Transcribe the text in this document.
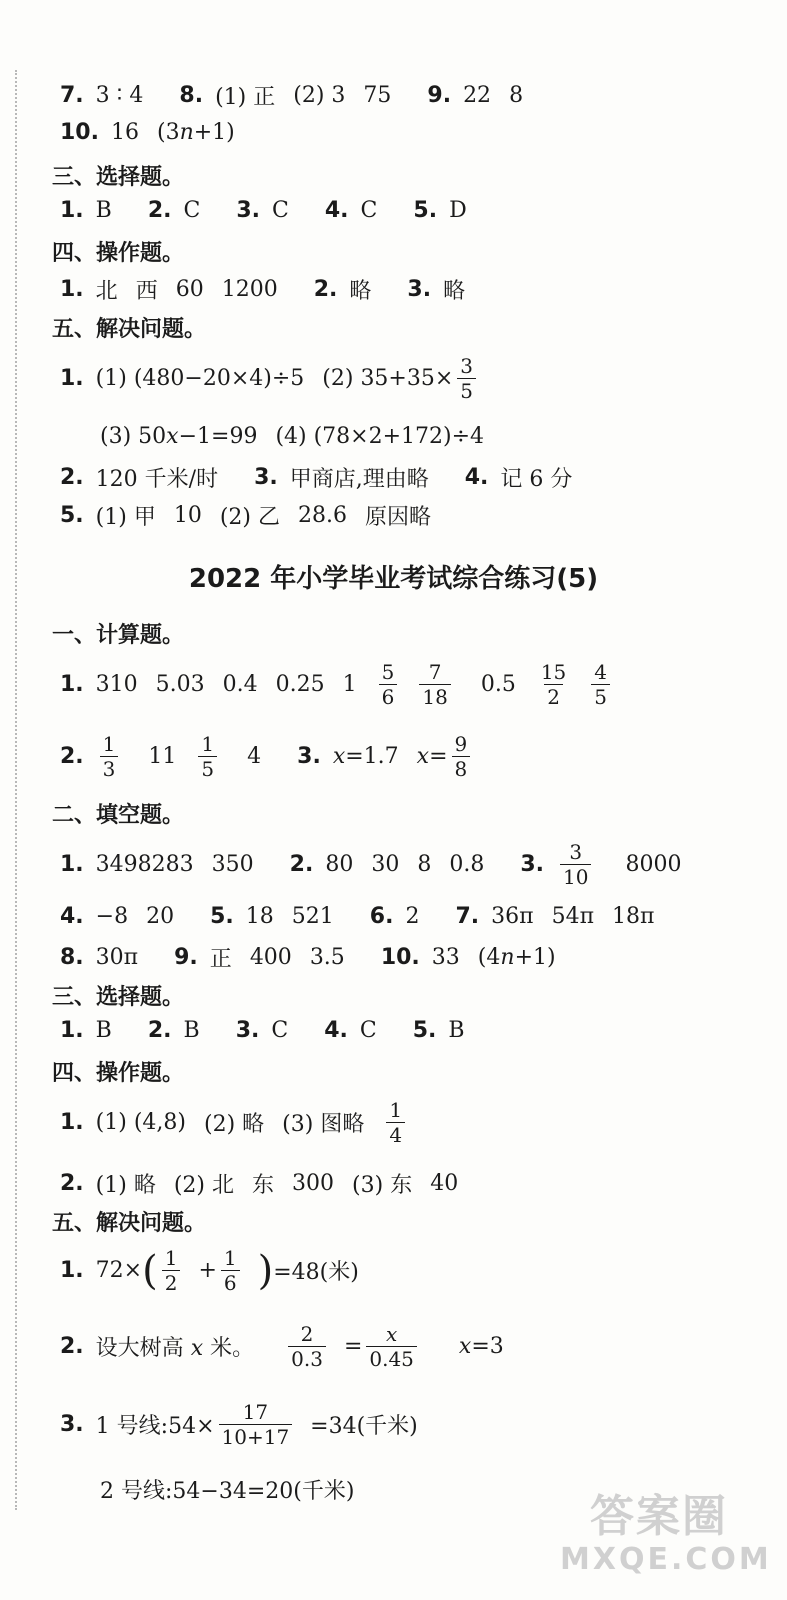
7. 3 ∶ 4 8. (1) 正 (2) 3 75 9. 22 8
10. 16 (3n+1)
三、选择题。
1. B 2. C 3. C 4. C 5. D
四、操作题。
1. 北 西 60 1200 2. 略 3. 略
五、解决问题。
1. (1) (480−20×4)÷5 (2) $35+35\times \frac{3}{5}$
(3) 50x−1=99 (4) (78×2+172)÷4
2. 120 千米/时 3. 甲商店,理由略 4. 记 6 分
5. (1) 甲 10 (2) 乙 28.6 原因略
2022 年小学毕业考试综合练习(5)
一、计算题。
1. 310 5.03 0.4 0.25 $1 \frac{5}{6} \frac{7}{18} 0.5 \frac{15}{2} \frac{4}{5}$
2. $\frac{1}{3} 11 \frac{1}{5} 4$ 3. x=1.7 $x= \frac{9}{8}$
二、填空题。
1. 3498283 350 2. 80 30 8 0.8 3. $\frac{3}{10} 8000$
4. −8 20 5. 18 521 6. 2 7. 36π 54π 18π
8. 30π 9. 正 400 3.5 10. 33 (4n+1)
三、选择题。
1. B 2. B 3. C 4. C 5. B
四、操作题。
1. (1) (4,8) (2) 略 (3) 图略 $\frac{1}{4}$
2. (1) 略 (2) 北 东 300 (3) 东 40
五、解决问题。
1. 72× ( $\frac{1}{2} + \frac{1}{6}$ ) =48(米)
2. 设大树高 x 米。 $\frac{2}{0.3} = \frac{x}{0.45} x=3$
3. 1 号线:54× $\frac{17}{10+17} =34$(千米)
2 号线:54−34=20(千米)	答案圈
MXQE.COM
